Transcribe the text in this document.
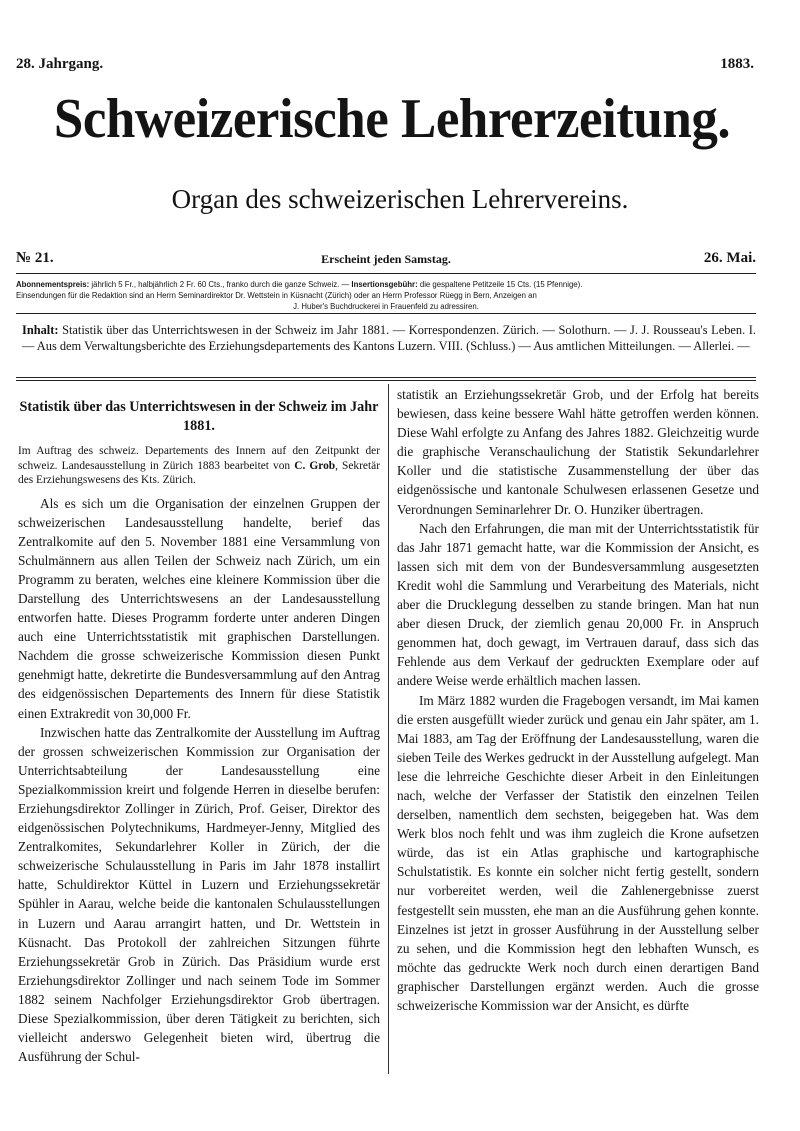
28. Jahrgang.	1883.
Schweizerische Lehrerzeitung.
Organ des schweizerischen Lehrervereins.
№ 21.	Erscheint jeden Samstag.	26. Mai.
Abonnementspreis: jährlich 5 Fr., halbjährlich 2 Fr. 60 Cts., franko durch die ganze Schweiz. — Insertionsgebühr: die gespaltene Petitzeile 15 Cts. (15 Pfennige).
Einsendungen für die Redaktion sind an Herrn Seminardirektor Dr. Wettstein in Küsnacht (Zürich) oder an Herrn Professor Rüegg in Bern, Anzeigen an
J. Huber's Buchdruckerei in Frauenfeld zu adressiren.
Inhalt: Statistik über das Unterrichtswesen in der Schweiz im Jahr 1881. — Korrespondenzen. Zürich. — Solothurn. — J. J. Rousseau's Leben. I. — Aus dem Verwaltungsberichte des Erziehungsdepartements des Kantons Luzern. VIII. (Schluss.) — Aus amtlichen Mitteilungen. — Allerlei. —
Statistik über das Unterrichtswesen in der Schweiz im Jahr 1881.
Im Auftrag des schweiz. Departements des Innern auf den Zeitpunkt der schweiz. Landesausstellung in Zürich 1883 bearbeitet von C. Grob, Sekretär des Erziehungswesens des Kts. Zürich.

Als es sich um die Organisation der einzelnen Gruppen der schweizerischen Landesausstellung handelte, berief das Zentralkomite auf den 5. November 1881 eine Versammlung von Schulmännern aus allen Teilen der Schweiz nach Zürich, um ein Programm zu beraten, welches eine kleinere Kommission über die Darstellung des Unterrichtswesens an der Landesausstellung entworfen hatte. Dieses Programm forderte unter anderen Dingen auch eine Unterrichtsstatistik mit graphischen Darstellungen. Nachdem die grosse schweizerische Kommission diesen Punkt genehmigt hatte, dekretirte die Bundesversammlung auf den Antrag des eidgenössischen Departements des Innern für diese Statistik einen Extrakredit von 30,000 Fr.

Inzwischen hatte das Zentralkomite der Ausstellung im Auftrag der grossen schweizerischen Kommission zur Organisation der Unterrichtsabteilung der Landesausstellung eine Spezialkommission kreirt und folgende Herren in dieselbe berufen: Erziehungsdirektor Zollinger in Zürich, Prof. Geiser, Direktor des eidgenössischen Polytechnikums, Hardmeyer-Jenny, Mitglied des Zentralkomites, Sekundarlehrer Koller in Zürich, der die schweizerische Schulausstellung in Paris im Jahr 1878 installirt hatte, Schuldirektor Küttel in Luzern und Erziehungssekretär Spühler in Aarau, welche beide die kantonalen Schulausstellungen in Luzern und Aarau arrangirt hatten, und Dr. Wettstein in Küsnacht. Das Protokoll der zahlreichen Sitzungen führte Erziehungssekretär Grob in Zürich. Das Präsidium wurde erst Erziehungsdirektor Zollinger und nach seinem Tode im Sommer 1882 seinem Nachfolger Erziehungsdirektor Grob übertragen. Diese Spezialkommission, über deren Tätigkeit zu berichten, sich vielleicht anderswo Gelegenheit bieten wird, übertrug die Ausführung der Schul-

statistik an Erziehungssekretär Grob, und der Erfolg hat bereits bewiesen, dass keine bessere Wahl hätte getroffen werden können. Diese Wahl erfolgte zu Anfang des Jahres 1882. Gleichzeitig wurde die graphische Veranschaulichung der Statistik Sekundarlehrer Koller und die statistische Zusammenstellung der über das eidgenössische und kantonale Schulwesen erlassenen Gesetze und Verordnungen Seminarlehrer Dr. O. Hunziker übertragen.

Nach den Erfahrungen, die man mit der Unterrichtsstatistik für das Jahr 1871 gemacht hatte, war die Kommission der Ansicht, es lassen sich mit dem von der Bundesversammlung ausgesetzten Kredit wohl die Sammlung und Verarbeitung des Materials, nicht aber die Drucklegung desselben zu stande bringen. Man hat nun aber diesen Druck, der ziemlich genau 20,000 Fr. in Anspruch genommen hat, doch gewagt, im Vertrauen darauf, dass sich das Fehlende aus dem Verkauf der gedruckten Exemplare oder auf andere Weise werde erhältlich machen lassen.

Im März 1882 wurden die Fragebogen versandt, im Mai kamen die ersten ausgefüllt wieder zurück und genau ein Jahr später, am 1. Mai 1883, am Tag der Eröffnung der Landesausstellung, waren die sieben Teile des Werkes gedruckt in der Ausstellung aufgelegt. Man lese die lehrreiche Geschichte dieser Arbeit in den Einleitungen nach, welche der Verfasser der Statistik den einzelnen Teilen derselben, namentlich dem sechsten, beigegeben hat. Was dem Werk blos noch fehlt und was ihm zugleich die Krone aufsetzen würde, das ist ein Atlas graphische und kartographische Schulstatistik. Es konnte ein solcher nicht fertig gestellt, sondern nur vorbereitet werden, weil die Zahlenergebnisse zuerst festgestellt sein mussten, ehe man an die Ausführung gehen konnte. Einzelnes ist jetzt in grosser Ausführung in der Ausstellung selber zu sehen, und die Kommission hegt den lebhaften Wunsch, es möchte das gedruckte Werk noch durch einen derartigen Band graphischer Darstellungen ergänzt werden. Auch die grosse schweizerische Kommission war der Ansicht, es dürfte
